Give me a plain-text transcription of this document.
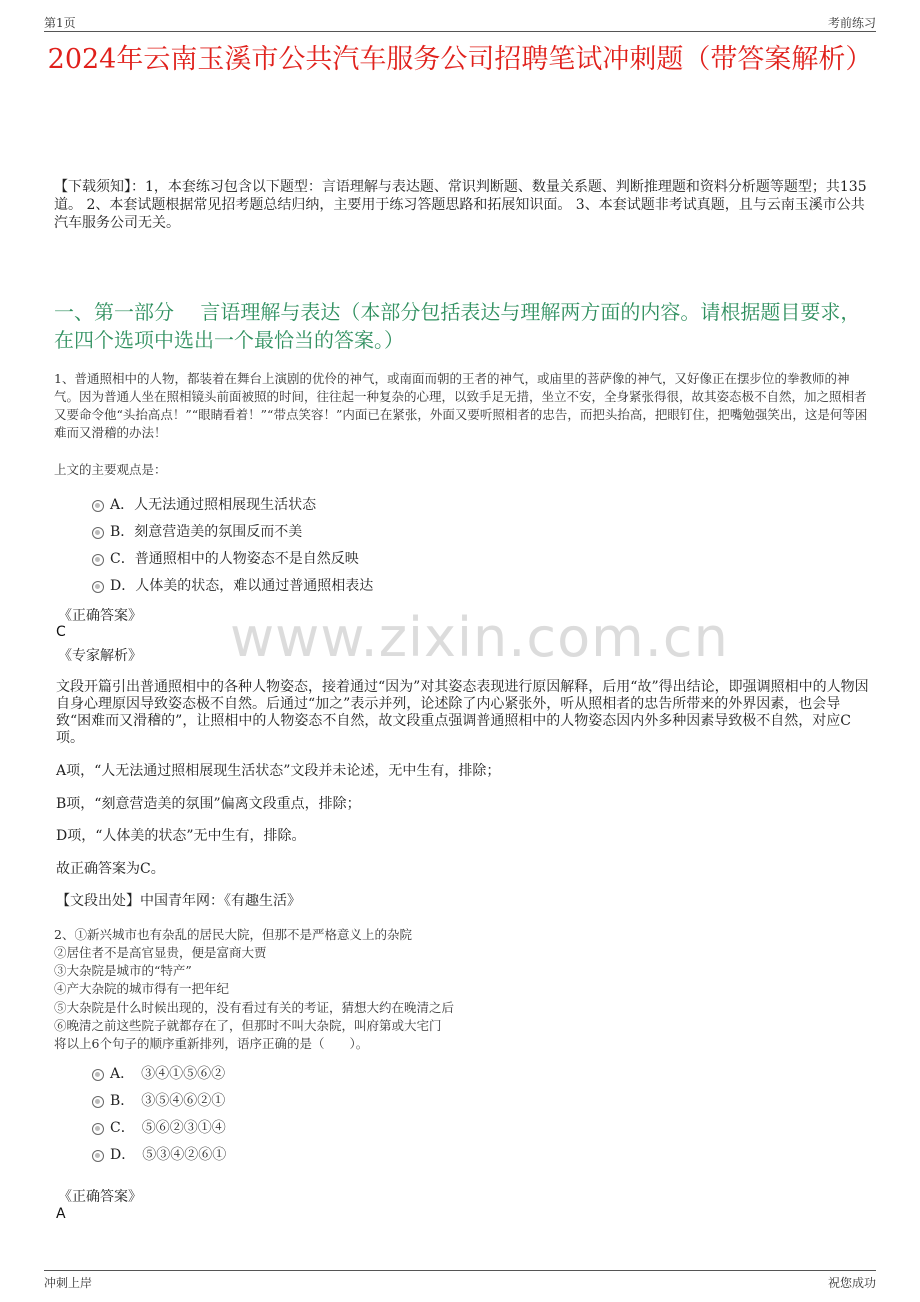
第1页	考前练习
2024年云南玉溪市公共汽车服务公司招聘笔试冲刺题（带答案解析）
【下载须知】：1，本套练习包含以下题型：言语理解与表达题、常识判断题、数量关系题、判断推理题和资料分析题等题型；共135道。 2、本套试题根据常见招考题总结归纳，主要用于练习答题思路和拓展知识面。 3、本套试题非考试真题，且与云南玉溪市公共汽车服务公司无关。
一、第一部分　 言语理解与表达（本部分包括表达与理解两方面的内容。请根据题目要求，在四个选项中选出一个最恰当的答案。）
1、普通照相中的人物，都装着在舞台上演剧的优伶的神气，或南面而朝的王者的神气，或庙里的菩萨像的神气，又好像正在摆步位的拳教师的神气。因为普通人坐在照相镜头前面被照的时间，往往起一种复杂的心理，以致手足无措，坐立不安，全身紧张得很，故其姿态极不自然，加之照相者又要命令他“头抬高点！”“眼睛看着！”“带点笑容！”内面已在紧张，外面又要听照相者的忠告，而把头抬高，把眼钉住，把嘴勉强笑出，这是何等困难而又滑稽的办法！
上文的主要观点是：
A．人无法通过照相展现生活状态
B．刻意营造美的氛围反而不美
C．普通照相中的人物姿态不是自然反映
D．人体美的状态，难以通过普通照相表达
《正确答案》
C
《专家解析》 www.zixin.com.cn
文段开篇引出普通照相中的各种人物姿态，接着通过“因为”对其姿态表现进行原因解释，后用“故”得出结论，即强调照相中的人物因自身心理原因导致姿态极不自然。后通过“加之”表示并列，论述除了内心紧张外，听从照相者的忠告所带来的外界因素，也会导致“困难而又滑稽的”，让照相中的人物姿态不自然，故文段重点强调普通照相中的人物姿态因内外多种因素导致极不自然，对应C项。
A项，“人无法通过照相展现生活状态”文段并未论述，无中生有，排除；
B项，“刻意营造美的氛围”偏离文段重点，排除；
D项，“人体美的状态”无中生有，排除。
故正确答案为C。
【文段出处】中国青年网：《有趣生活》
2、①新兴城市也有杂乱的居民大院，但那不是严格意义上的杂院
②居住者不是高官显贵，便是富商大贾
③大杂院是城市的“特产”
④产大杂院的城市得有一把年纪
⑤大杂院是什么时候出现的，没有看过有关的考证，猜想大约在晚清之后
⑥晚清之前这些院子就都存在了，但那时不叫大杂院，叫府第或大宅门
将以上6个句子的顺序重新排列，语序正确的是（　　）。
A．　③④①⑤⑥②
B．　③⑤④⑥②①
C．　⑤⑥②③①④
D．　⑤③④②⑥①
《正确答案》
A
冲刺上岸	祝您成功
